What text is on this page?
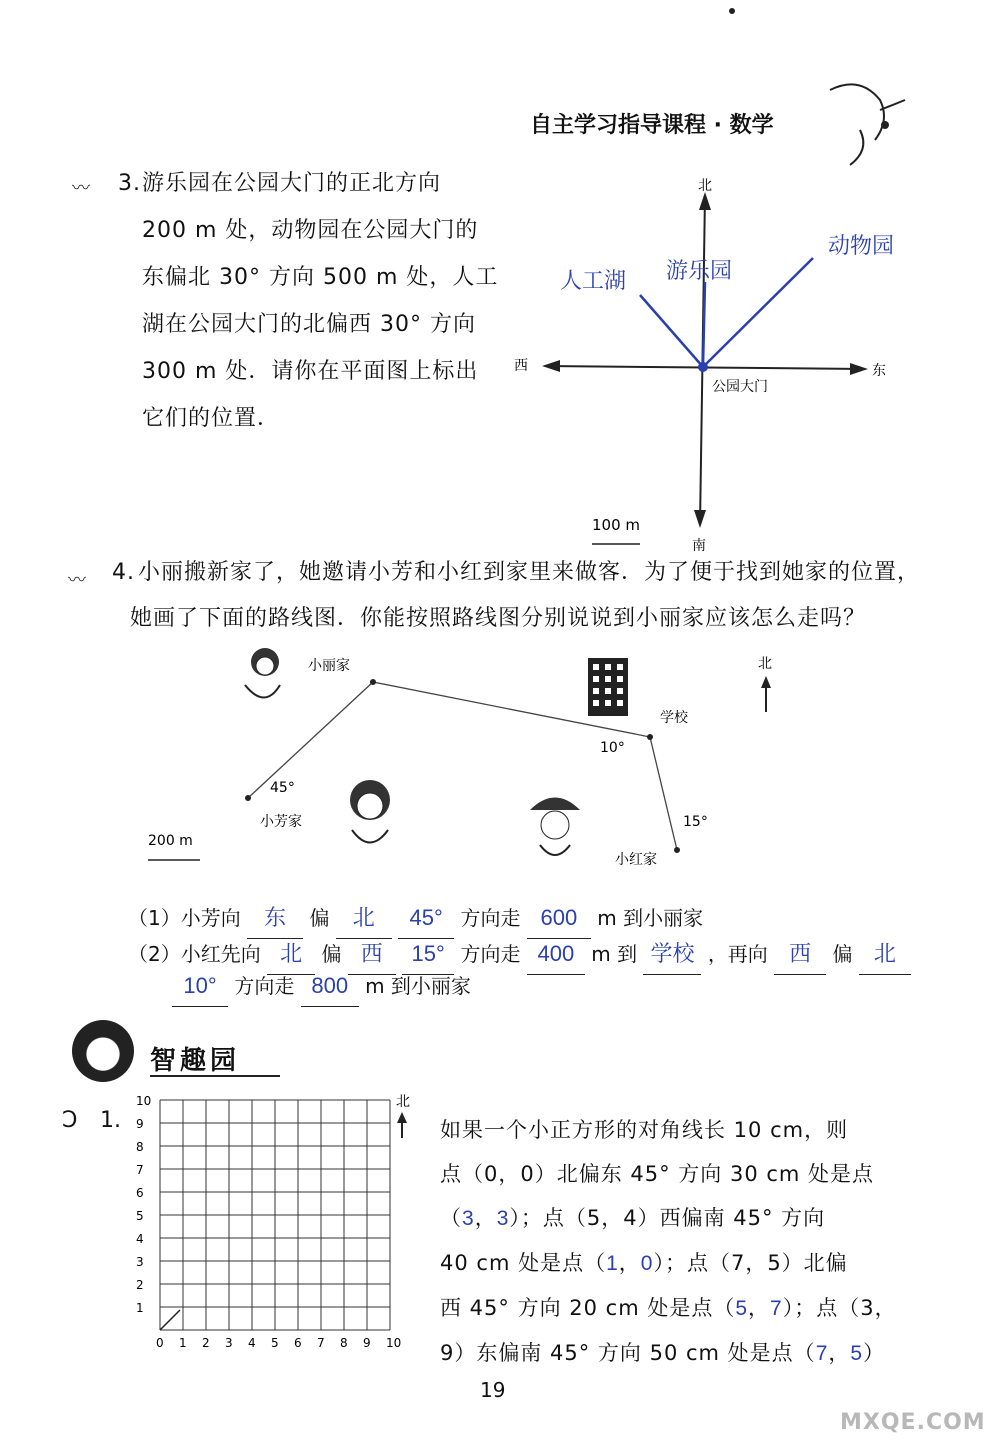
自主学习指导课程 · 数学
〰 3. 游乐园在公园大门的正北方向
200 m 处，动物园在公园大门的
东偏北 30° 方向 500 m 处，人工
湖在公园大门的北偏西 30° 方向
300 m 处．请你在平面图上标出
它们的位置．
北
南
东
西
公园大门
人工湖 游乐园
动物园
100 m
〰 4. 小丽搬新家了，她邀请小芳和小红到家里来做客．为了便于找到她家的位置，
她画了下面的路线图．你能按照路线图分别说说到小丽家应该怎么走吗？
小丽家
学校
小芳家
小红家
北
45°
10°
15°
200 m
（1）小芳向 东 偏 北 45° 方向走 600 m 到小丽家
（2）小红先向 北 偏 西 15° 方向走 400 m 到 学校 ，再向 西 偏 北
10° 方向走 800 m 到小丽家
智趣园
Ↄ 1.
10
9
8
7
6
5
4
3
2
1
0 1 2 3 4 5 6 7 8 9 10
北
如果一个小正方形的对角线长 10 cm，则
点（0，0）北偏东 45° 方向 30 cm 处是点
（3，3）；点（5，4）西偏南 45° 方向
40 cm 处是点（1，0）；点（7，5）北偏
西 45° 方向 20 cm 处是点（5，7）；点（3，
9）东偏南 45° 方向 50 cm 处是点（7，5）
19
MXQE.COM
